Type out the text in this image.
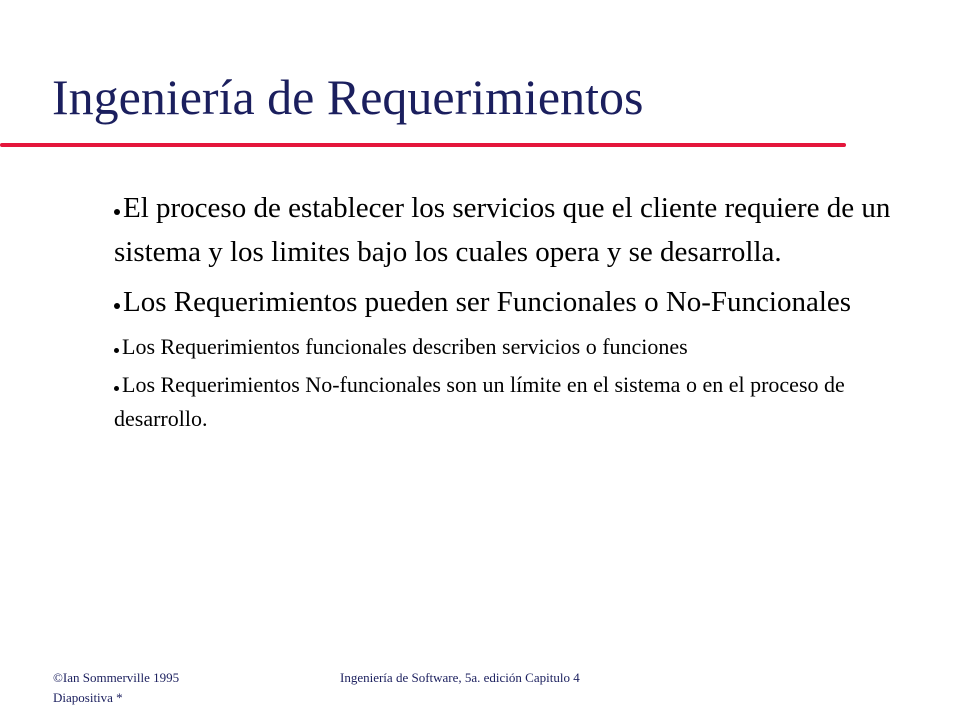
Ingeniería de Requerimientos
El proceso de establecer los servicios que el cliente requiere de un sistema y los limites bajo los cuales opera y se desarrolla.
Los Requerimientos pueden ser Funcionales o No-Funcionales
Los Requerimientos funcionales describen servicios o funciones
Los Requerimientos No-funcionales son un límite en el sistema o en el proceso de desarrollo.
©Ian Sommerville 1995
Diapositiva *
Ingeniería de Software, 5a. edición Capitulo 4
